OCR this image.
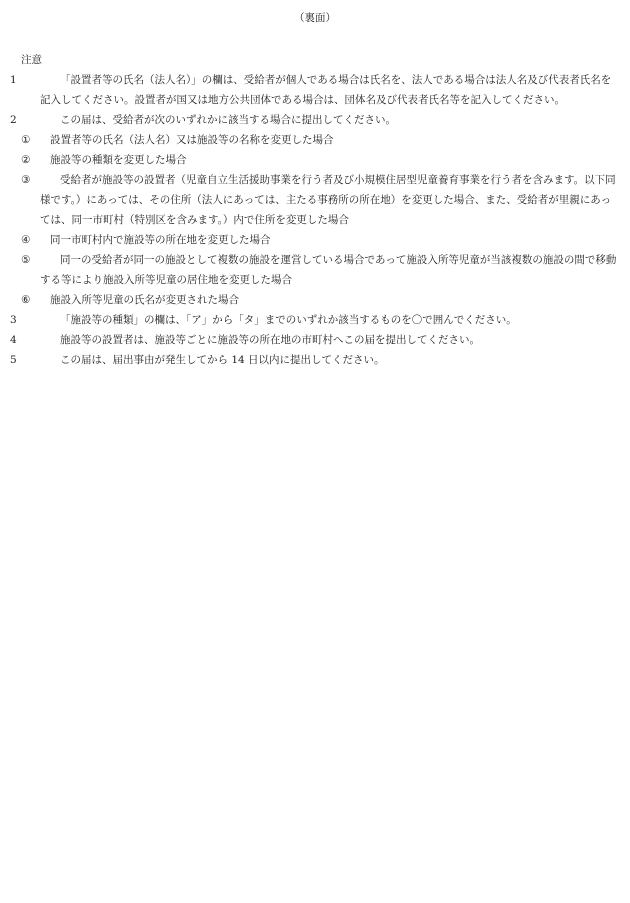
（裏面）
注意
1	「設置者等の氏名（法人名）」の欄は、受給者が個人である場合は氏名を、法人である場合は法人名及び代表者氏名を記入してください。設置者が国又は地方公共団体である場合は、団体名及び代表者氏名等を記入してください。
2	この届は、受給者が次のいずれかに該当する場合に提出してください。
①	設置者等の氏名（法人名）又は施設等の名称を変更した場合
②	施設等の種類を変更した場合
③	受給者が施設等の設置者（児童自立生活援助事業を行う者及び小規模住居型児童養育事業を行う者を含みます。以下同様です。）にあっては、その住所（法人にあっては、主たる事務所の所在地）を変更した場合、また、受給者が里親にあっては、同一市町村（特別区を含みます。）内で住所を変更した場合
④	同一市町村内で施設等の所在地を変更した場合
⑤	同一の受給者が同一の施設として複数の施設を運営している場合であって施設入所等児童が当該複数の施設の間で移動する等により施設入所等児童の居住地を変更した場合
⑥	施設入所等児童の氏名が変更された場合
3	「施設等の種類」の欄は、「ア」から「タ」までのいずれか該当するものを〇で囲んでください。
4	施設等の設置者は、施設等ごとに施設等の所在地の市町村へこの届を提出してください。
5	この届は、届出事由が発生してから 14 日以内に提出してください。
